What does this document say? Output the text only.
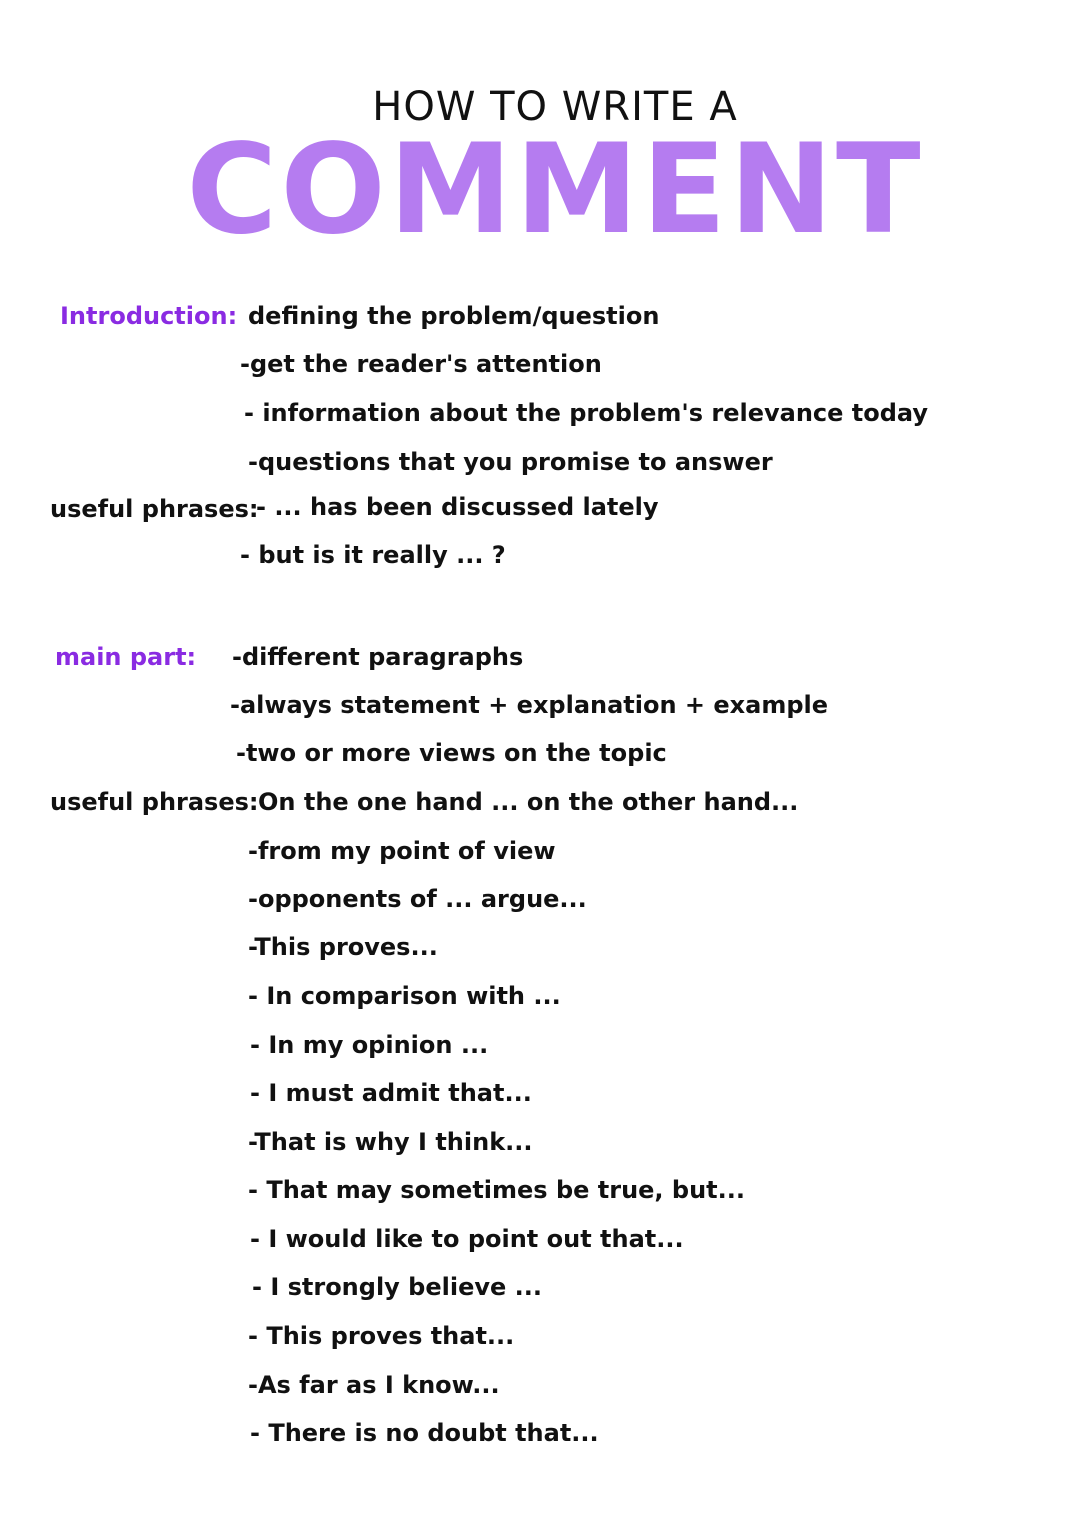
HOW TO WRITE A
COMMENT
Introduction: defining the problem/question
-get the reader's attention
- information about the problem's relevance today
-questions that you promise to answer
useful phrases:
- ... has been discussed lately
- but is it really ... ?
main part: -different paragraphs
-always statement + explanation + example
-two or more views on the topic
useful phrases: On the one hand ... on the other hand...
-from my point of view
-opponents of ... argue...
-This proves...
- In comparison with ...
- In my opinion ...
- I must admit that...
-That is why I think...
- That may sometimes be true, but...
- I would like to point out that...
- I strongly believe ...
- This proves that...
-As far as I know...
- There is no doubt that...
